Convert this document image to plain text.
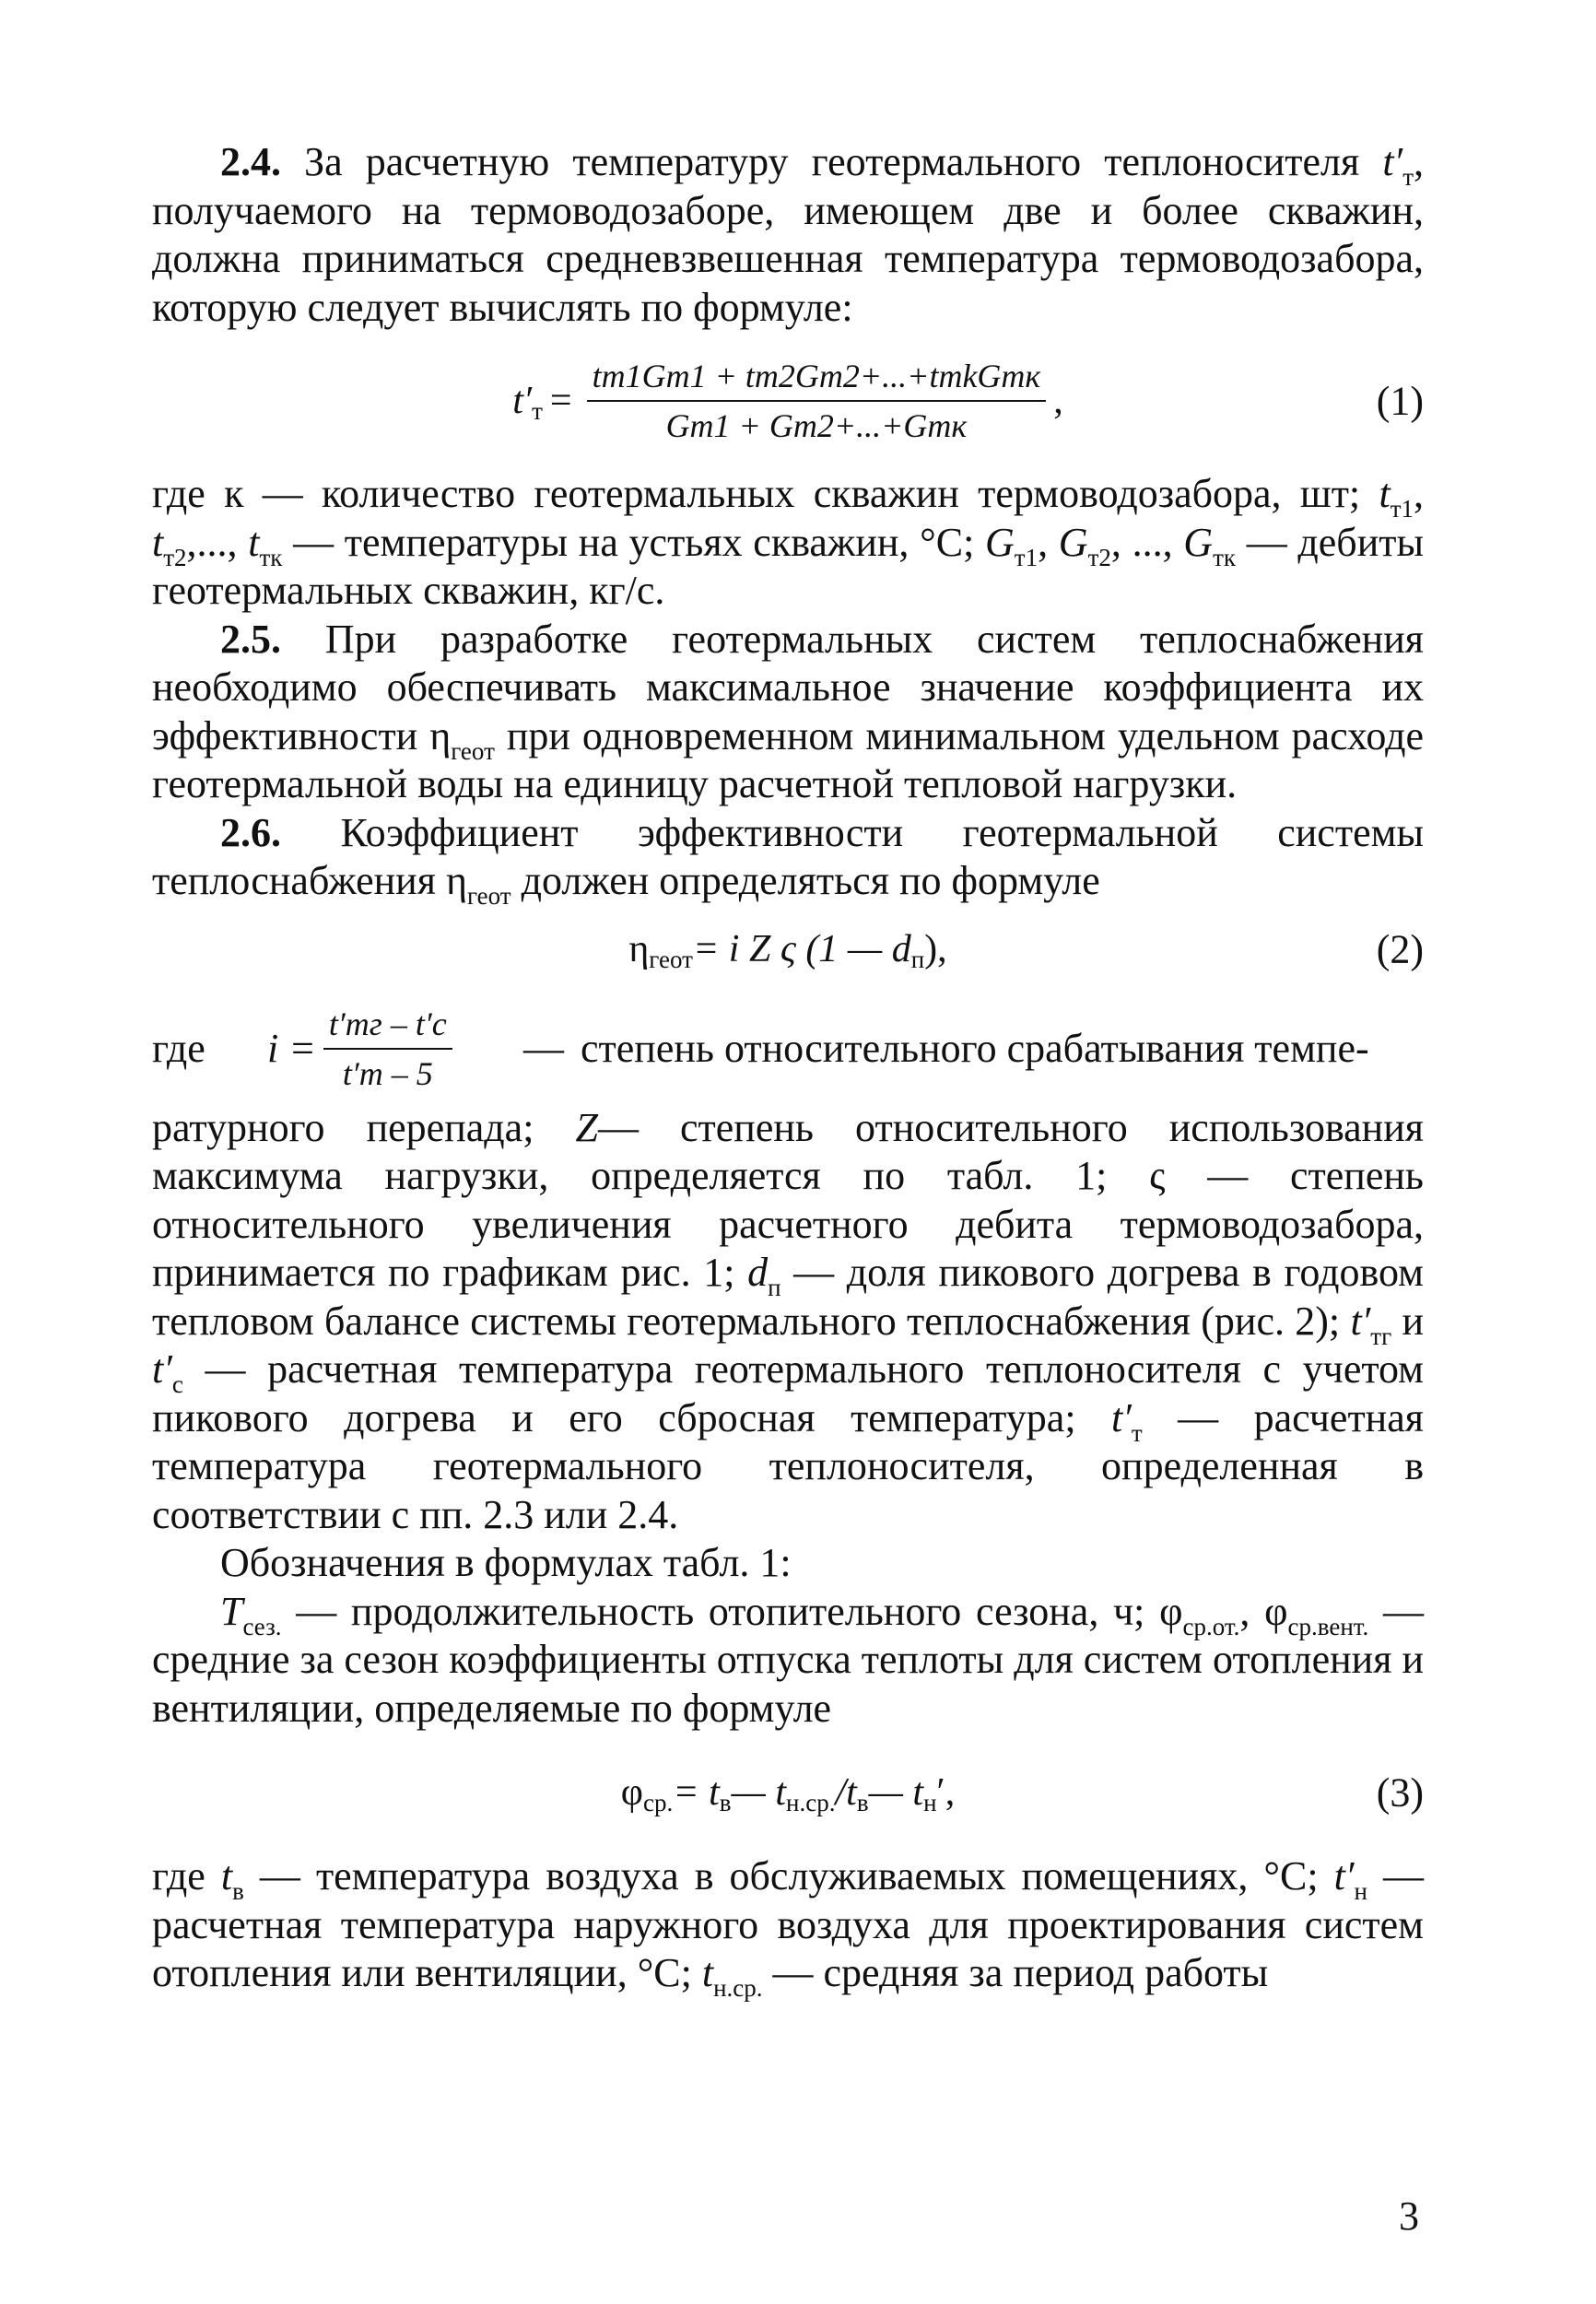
2.4. За расчетную температуру геотермального теплоносителя $t'_т$, получаемого на термоводозаборе, имеющем две и более скважин, должна приниматься средневзвешенная температура термоводозабора, которую следует вычислять по формуле:

$t'_т = \frac{\text{tт1Gт1 + tт2Gт2+...+tтkGтк}}{\text{Gт1 + Gт2+...+Gтк}}$ ,	(1)

где к — количество геотермальных скважин термоводозабора, шт; $t_{т1}$, $t_{т2}$,..., $t_{тк}$ — температуры на устьях скважин, °С; $G_{т1}$, $G_{т2}$, ..., $G_{тк}$ — дебиты геотермальных скважин, кг/с.

2.5. При разработке геотермальных систем теплоснабжения необходимо обеспечивать максимальное значение коэффициента их эффективности $\eta_{геот}$ при одновременном минимальном удельном расходе геотермальной воды на единицу расчетной тепловой нагрузки.

2.6. Коэффициент эффективности геотермальной системы теплоснабжения $\eta_{геот}$ должен определяться по формуле

$\eta_{геот} = i$ Z ς (1 — $d_п$ ),	(2)
где	$i = \frac{t'тг - t'с}{t'т - 5}$	— степень относительного срабатывания темпе-

ратурного перепада; Z— степень относительного использования максимума нагрузки, определяется по табл. 1; ς — степень относительного увеличения расчетного дебита термоводозабора, принимается по графикам рис. 1; $d_п$ — доля пикового догрева в годовом тепловом балансе системы геотермального теплоснабжения (рис. 2); $t'_{тг}$ и $t'_с$ — расчетная температура геотермального теплоносителя с учетом пикового догрева и его сбросная температура; $t'_т$ — расчетная температура геотермального теплоносителя, определенная в соответствии с пп. 2.3 или 2.4.

Обозначения в формулах табл. 1:

$T_{сез.}$ — продолжительность отопительного сезона, ч; $\varphi_{ср.от.}$, $\varphi_{ср.вент.}$ — средние за сезон коэффициенты отпуска теплоты для систем отопления и вентиляции, определяемые по формуле

$\varphi_{ср.} = t_в$ — $t_{н.ср.}$ $/t_в$ — $t_н$ ′,	(3)

где $t_в$ — температура воздуха в обслуживаемых помещениях, °С; $t'_н$ — расчетная температура наружного воздуха для проектирования систем отопления или вентиляции, °С; $t_{н.ср.}$ — средняя за период работы

3
